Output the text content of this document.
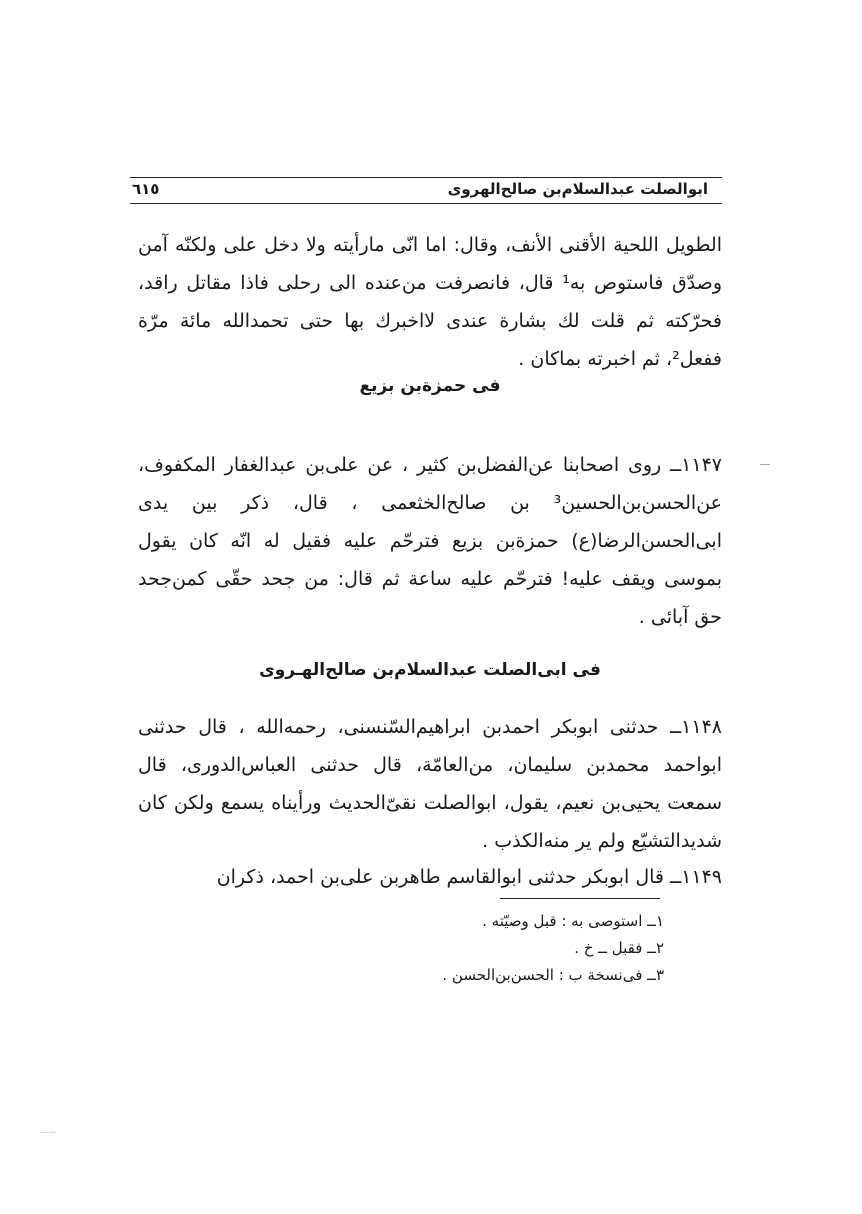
ابوالصلت عبدالسلام‌بن صالح‌الهروی
٦١٥

الطویل اللحیة الأقنی الأنف، وقال: اما انّی مارأیته ولا دخل علی ولکنّه آمن وصدّق فاستوص به¹ قال، فانصرفت من‌عنده الی رحلی فاذا مقاتل راقد، فحرّکته ثم قلت لك بشارة عندی لااخبرك بها حتی تحمدالله مائة مرّة ففعل²، ثم اخبرته بماکان .

فی حمزةبن بزیع

۱۱۴۷ــ روی اصحابنا عن‌الفضل‌بن کثیر ، عن علی‌بن عبدالغفار المکفوف، عن‌الحسن‌بن‌الحسین³ بن صالح‌الخثعمی ، قال، ذکر بین یدی ابی‌الحسن‌الرضا(ع) حمزةبن بزیع فترحّم علیه فقیل له انّه کان یقول بموسی ویقف علیه! فترحّم علیه ساعة ثم قال: من جحد حقّی کمن‌جحد حق آبائی .

فی ابی‌الصلت عبدالسلام‌بن صالح‌الهـروی

۱۱۴۸ــ حدثنی ابوبکر احمدبن ابراهیم‌السّنسنی، رحمه‌الله ، قال حدثنی ابواحمد محمدبن سلیمان، من‌العامّة، قال حدثنی العباس‌الدوری، قال سمعت یحیی‌بن نعیم، یقول، ابوالصلت نقیّ‌الحدیث ورأیناه یسمع ولکن کان شدیدالتشیّع ولم یر منه‌الکذب .

۱۱۴۹ــ قال ابوبکر حدثنی ابوالقاسم طاهربن علی‌بن احمد، ذکران

۱ــ استوصی به : قبل وصیّته .
۲ــ فقبل ــ خ .
۳ــ فی‌نسخة ب : الحسن‌بن‌الحسن .
